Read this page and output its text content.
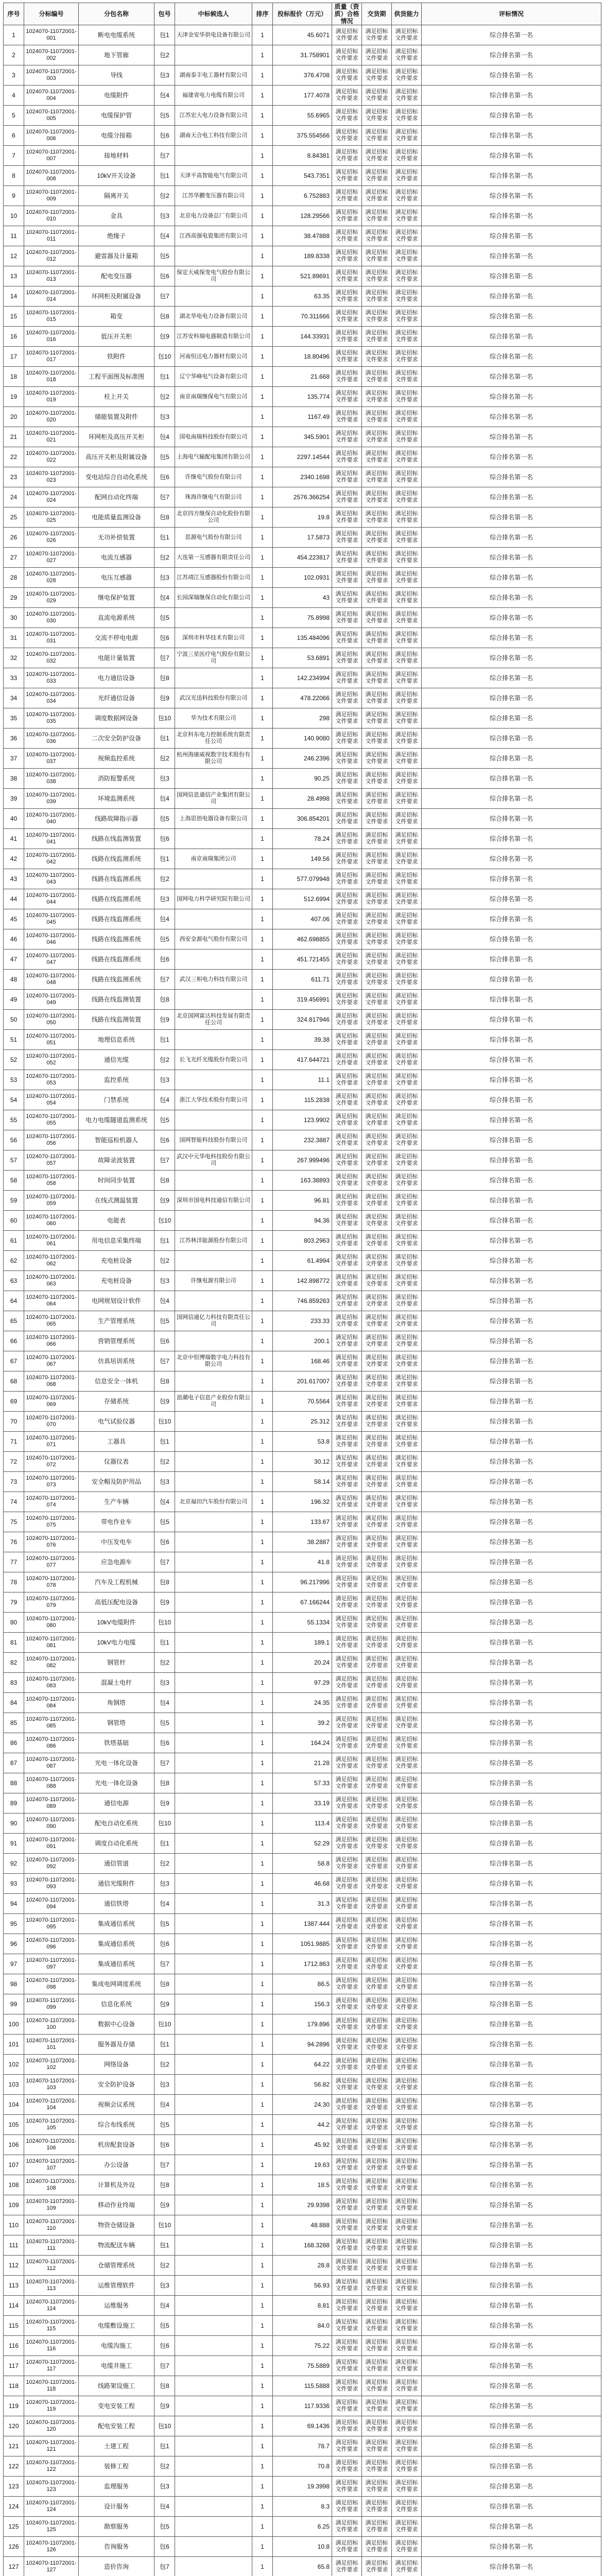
序号	分标编号	分包名称	包号	中标候选人	排序	投标报价（万元）	质量（资质）合格情况	交货期	供货能力	评标情况
1	1024070-11072001-001	断电电缆系统	包1	天津金安华供电设备有限公司	1	45.6071	满足招标文件要求	满足招标文件要求	满足招标文件要求	综合排名第一名
2	1024070-11072001-002	地下管廊	包2		1	31.758901	满足招标文件要求	满足招标文件要求	满足招标文件要求	综合排名第一名
3	1024070-11072001-003	导线	包3	湖南泰丰电工器材有限公司	1	376.4708	满足招标文件要求	满足招标文件要求	满足招标文件要求	综合排名第一名
4	1024070-11072001-004	电缆附件	包4	福建省电力电缆有限公司	1	177.4078	满足招标文件要求	满足招标文件要求	满足招标文件要求	综合排名第一名
5	1024070-11072001-005	电缆保护管	包5	江苏宏大电力设备有限公司	1	55.6965	满足招标文件要求	满足招标文件要求	满足招标文件要求	综合排名第一名
6	1024070-11072001-006	电缆分接箱	包6	湖南天合电工科技有限公司	1	375.554566	满足招标文件要求	满足招标文件要求	满足招标文件要求	综合排名第一名
7	1024070-11072001-007	接地材料	包7		1	8.84381	满足招标文件要求	满足招标文件要求	满足招标文件要求	综合排名第一名
8	1024070-11072001-008	10kV开关设备	包1	天津平高智能电气有限公司	1	543.7351	满足招标文件要求	满足招标文件要求	满足招标文件要求	综合排名第一名
9	1024070-11072001-009	隔离开关	包2	江苏华鹏变压器有限公司	1	6.752883	满足招标文件要求	满足招标文件要求	满足招标文件要求	综合排名第一名
10	1024070-11072001-010	金具	包3	北京电力设备总厂有限公司	1	128.29566	满足招标文件要求	满足招标文件要求	满足招标文件要求	综合排名第一名
11	1024070-11072001-011	绝缘子	包4	江西高强电瓷集团有限公司	1	38.47888	满足招标文件要求	满足招标文件要求	满足招标文件要求	综合排名第一名
12	1024070-11072001-012	避雷器及计量箱	包5		1	189.8338	满足招标文件要求	满足招标文件要求	满足招标文件要求	综合排名第一名
13	1024070-11072001-013	配电变压器	包6	保定天威保变电气股份有限公司	1	521.89691	满足招标文件要求	满足招标文件要求	满足招标文件要求	综合排名第一名
14	1024070-11072001-014	环网柜及附属设备	包7		1	63.35	满足招标文件要求	满足招标文件要求	满足招标文件要求	综合排名第一名
15	1024070-11072001-015	箱变	包8	湖北华电电力设备有限公司	1	70.311666	满足招标文件要求	满足招标文件要求	满足招标文件要求	综合排名第一名
16	1024070-11072001-016	低压开关柜	包9	江苏安科瑞电器制造有限公司	1	144.33931	满足招标文件要求	满足招标文件要求	满足招标文件要求	综合排名第一名
17	1024070-11072001-017	铁附件	包10	河南恒达电力器材有限公司	1	18.80496	满足招标文件要求	满足招标文件要求	满足招标文件要求	综合排名第一名
18	1024070-11072001-018	工程平面图及标准图	包1	辽宁华峰电气设备有限公司	1	21.668	满足招标文件要求	满足招标文件要求	满足招标文件要求	综合排名第一名
19	1024070-11072001-019	柱上开关	包2	南京南瑞继保电气有限公司	1	135.774	满足招标文件要求	满足招标文件要求	满足招标文件要求	综合排名第一名
20	1024070-11072001-020	储能装置及附件	包3		1	1167.49	满足招标文件要求	满足招标文件要求	满足招标文件要求	综合排名第一名
21	1024070-11072001-021	环网柜及高压开关柜	包4	国电南瑞科技股份有限公司	1	345.5901	满足招标文件要求	满足招标文件要求	满足招标文件要求	综合排名第一名
22	1024070-11072001-022	高压开关柜及附属设备	包5	上海电气输配电集团有限公司	1	2297.14544	满足招标文件要求	满足招标文件要求	满足招标文件要求	综合排名第一名
23	1024070-11072001-023	变电站综合自动化系统	包6	许继电气股份有限公司	1	2340.1698	满足招标文件要求	满足招标文件要求	满足招标文件要求	综合排名第一名
24	1024070-11072001-024	配网自动化终端	包7	珠海许继电气有限公司	1	2576.366254	满足招标文件要求	满足招标文件要求	满足招标文件要求	综合排名第一名
25	1024070-11072001-025	电能质量监测设备	包8	北京四方继保自动化股份有限公司	1	19.8	满足招标文件要求	满足招标文件要求	满足招标文件要求	综合排名第一名
26	1024070-11072001-026	无功补偿装置	包1	思源电气股份有限公司	1	17.5873	满足招标文件要求	满足招标文件要求	满足招标文件要求	综合排名第一名
27	1024070-11072001-027	电流互感器	包2	大连第一互感器有限责任公司	1	454.223817	满足招标文件要求	满足招标文件要求	满足招标文件要求	综合排名第一名
28	1024070-11072001-028	电压互感器	包3	江苏靖江互感器股份有限公司	1	102.0931	满足招标文件要求	满足招标文件要求	满足招标文件要求	综合排名第一名
29	1024070-11072001-029	继电保护装置	包4	长园深瑞继保自动化有限公司	1	43	满足招标文件要求	满足招标文件要求	满足招标文件要求	综合排名第一名
30	1024070-11072001-030	直流电源系统	包5		1	75.8998	满足招标文件要求	满足招标文件要求	满足招标文件要求	综合排名第一名
31	1024070-11072001-031	交流不停电电源	包6	深圳市科华技术有限公司	1	135.484096	满足招标文件要求	满足招标文件要求	满足招标文件要求	综合排名第一名
32	1024070-11072001-032	电能计量装置	包7	宁波三星医疗电气股份有限公司	1	53.6891	满足招标文件要求	满足招标文件要求	满足招标文件要求	综合排名第一名
33	1024070-11072001-033	电力通信设备	包8		1	142.234994	满足招标文件要求	满足招标文件要求	满足招标文件要求	综合排名第一名
34	1024070-11072001-034	光纤通信设备	包9	武汉光迅科技股份有限公司	1	478.22066	满足招标文件要求	满足招标文件要求	满足招标文件要求	综合排名第一名
35	1024070-11072001-035	调度数据网设备	包10	华为技术有限公司	1	298	满足招标文件要求	满足招标文件要求	满足招标文件要求	综合排名第一名
36	1024070-11072001-036	二次安全防护设备	包1	北京科东电力控制系统有限责任公司	1	140.9080	满足招标文件要求	满足招标文件要求	满足招标文件要求	综合排名第一名
37	1024070-11072001-037	视频监控系统	包2	杭州海康威视数字技术股份有限公司	1	246.2396	满足招标文件要求	满足招标文件要求	满足招标文件要求	综合排名第一名
38	1024070-11072001-038	消防报警系统	包3		1	90.25	满足招标文件要求	满足招标文件要求	满足招标文件要求	综合排名第一名
39	1024070-11072001-039	环境监测系统	包4	国网信息通信产业集团有限公司	1	28.4998	满足招标文件要求	满足招标文件要求	满足招标文件要求	综合排名第一名
40	1024070-11072001-040	线路故障指示器	包5	上海思创电器设备有限公司	1	306.854201	满足招标文件要求	满足招标文件要求	满足招标文件要求	综合排名第一名
41	1024070-11072001-041	线路在线监测装置	包6		1	78.24	满足招标文件要求	满足招标文件要求	满足招标文件要求	综合排名第一名
42	1024070-11072001-042	线路在线监测系统	包1	南京南瑞集团公司	1	149.56	满足招标文件要求	满足招标文件要求	满足招标文件要求	综合排名第一名
43	1024070-11072001-043	线路在线监测系统	包2		1	577.079948	满足招标文件要求	满足招标文件要求	满足招标文件要求	综合排名第一名
44	1024070-11072001-044	线路在线监测系统	包3	国网电力科学研究院有限公司	1	512.6994	满足招标文件要求	满足招标文件要求	满足招标文件要求	综合排名第一名
45	1024070-11072001-045	线路在线监测系统	包4		1	407.06	满足招标文件要求	满足招标文件要求	满足招标文件要求	综合排名第一名
46	1024070-11072001-046	线路在线监测系统	包5	西安金源电气股份有限公司	1	462.698855	满足招标文件要求	满足招标文件要求	满足招标文件要求	综合排名第一名
47	1024070-11072001-047	线路在线监测系统	包6		1	451.721455	满足招标文件要求	满足招标文件要求	满足招标文件要求	综合排名第一名
48	1024070-11072001-048	线路在线监测系统	包7	武汉三相电力科技有限公司	1	611.71	满足招标文件要求	满足招标文件要求	满足招标文件要求	综合排名第一名
49	1024070-11072001-049	线路在线监测装置	包8		1	319.456991	满足招标文件要求	满足招标文件要求	满足招标文件要求	综合排名第一名
50	1024070-11072001-050	线路在线监测装置	包9	北京国网富达科技发展有限责任公司	1	324.817946	满足招标文件要求	满足招标文件要求	满足招标文件要求	综合排名第一名
51	1024070-11072001-051	地理信息系统	包1		1	39.38	满足招标文件要求	满足招标文件要求	满足招标文件要求	综合排名第一名
52	1024070-11072001-052	通信光缆	包2	长飞光纤光缆股份有限公司	1	417.644721	满足招标文件要求	满足招标文件要求	满足招标文件要求	综合排名第一名
53	1024070-11072001-053	监控系统	包3		1	11.1	满足招标文件要求	满足招标文件要求	满足招标文件要求	综合排名第一名
54	1024070-11072001-054	门禁系统	包4	浙江大华技术股份有限公司	1	115.2838	满足招标文件要求	满足招标文件要求	满足招标文件要求	综合排名第一名
55	1024070-11072001-055	电力电缆隧道监测系统	包5		1	123.9902	满足招标文件要求	满足招标文件要求	满足招标文件要求	综合排名第一名
56	1024070-11072001-056	智能巡检机器人	包6	国网智能科技股份有限公司	1	232.3887	满足招标文件要求	满足招标文件要求	满足招标文件要求	综合排名第一名
57	1024070-11072001-057	故障录波装置	包7	武汉中元华电科技股份有限公司	1	267.999496	满足招标文件要求	满足招标文件要求	满足招标文件要求	综合排名第一名
58	1024070-11072001-058	时间同步装置	包8		1	163.38893	满足招标文件要求	满足招标文件要求	满足招标文件要求	综合排名第一名
59	1024070-11072001-059	在线式测温装置	包9	深圳市国电科技通信有限公司	1	96.81	满足招标文件要求	满足招标文件要求	满足招标文件要求	综合排名第一名
60	1024070-11072001-060	电能表	包10		1	94.36	满足招标文件要求	满足招标文件要求	满足招标文件要求	综合排名第一名
61	1024070-11072001-061	用电信息采集终端	包1	江苏林洋能源股份有限公司	1	803.2963	满足招标文件要求	满足招标文件要求	满足招标文件要求	综合排名第一名
62	1024070-11072001-062	充电桩设备	包2		1	61.4994	满足招标文件要求	满足招标文件要求	满足招标文件要求	综合排名第一名
63	1024070-11072001-063	充电桩设备	包3	许继电源有限公司	1	142.898772	满足招标文件要求	满足招标文件要求	满足招标文件要求	综合排名第一名
64	1024070-11072001-064	电网规划设计软件	包4		1	746.859263	满足招标文件要求	满足招标文件要求	满足招标文件要求	综合排名第一名
65	1024070-11072001-065	生产管理系统	包5	国网信通亿力科技有限责任公司	1	233.33	满足招标文件要求	满足招标文件要求	满足招标文件要求	综合排名第一名
66	1024070-11072001-066	营销管理系统	包6		1	200.1	满足招标文件要求	满足招标文件要求	满足招标文件要求	综合排名第一名
67	1024070-11072001-067	仿真培训系统	包7	北京中恒博瑞数字电力科技有限公司	1	168.46	满足招标文件要求	满足招标文件要求	满足招标文件要求	综合排名第一名
68	1024070-11072001-068	信息安全一体机	包8		1	201.617007	满足招标文件要求	满足招标文件要求	满足招标文件要求	综合排名第一名
69	1024070-11072001-069	存储系统	包9	浪潮电子信息产业股份有限公司	1	70.5564	满足招标文件要求	满足招标文件要求	满足招标文件要求	综合排名第一名
70	1024070-11072001-070	电气试验仪器	包10		1	25.312	满足招标文件要求	满足招标文件要求	满足招标文件要求	综合排名第一名
71	1024070-11072001-071	工器具	包1		1	53.8	满足招标文件要求	满足招标文件要求	满足招标文件要求	综合排名第一名
72	1024070-11072001-072	仪器仪表	包2		1	30.12	满足招标文件要求	满足招标文件要求	满足招标文件要求	综合排名第一名
73	1024070-11072001-073	安全帽及防护用品	包3		1	58.14	满足招标文件要求	满足招标文件要求	满足招标文件要求	综合排名第一名
74	1024070-11072001-074	生产车辆	包4	北京福田汽车股份有限公司	1	196.32	满足招标文件要求	满足招标文件要求	满足招标文件要求	综合排名第一名
75	1024070-11072001-075	带电作业车	包5		1	133.67	满足招标文件要求	满足招标文件要求	满足招标文件要求	综合排名第一名
76	1024070-11072001-076	中压发电车	包6		1	38.2887	满足招标文件要求	满足招标文件要求	满足招标文件要求	综合排名第一名
77	1024070-11072001-077	应急电源车	包7		1	41.8	满足招标文件要求	满足招标文件要求	满足招标文件要求	综合排名第一名
78	1024070-11072001-078	汽车及工程机械	包8		1	96.217996	满足招标文件要求	满足招标文件要求	满足招标文件要求	综合排名第一名
79	1024070-11072001-079	高低压配电设备	包9		1	67.166244	满足招标文件要求	满足招标文件要求	满足招标文件要求	综合排名第一名
80	1024070-11072001-080	10kV电缆附件	包10		1	55.1334	满足招标文件要求	满足招标文件要求	满足招标文件要求	综合排名第一名
81	1024070-11072001-081	10kV电力电缆	包1		1	189.1	满足招标文件要求	满足招标文件要求	满足招标文件要求	综合排名第一名
82	1024070-11072001-082	钢管杆	包2		1	20.24	满足招标文件要求	满足招标文件要求	满足招标文件要求	综合排名第一名
83	1024070-11072001-083	混凝土电杆	包3		1	97.29	满足招标文件要求	满足招标文件要求	满足招标文件要求	综合排名第一名
84	1024070-11072001-084	角钢塔	包4		1	24.35	满足招标文件要求	满足招标文件要求	满足招标文件要求	综合排名第一名
85	1024070-11072001-085	钢管塔	包5		1	39.2	满足招标文件要求	满足招标文件要求	满足招标文件要求	综合排名第一名
86	1024070-11072001-086	铁塔基础	包6		1	164.24	满足招标文件要求	满足招标文件要求	满足招标文件要求	综合排名第一名
87	1024070-11072001-087	光电一体化设备	包7		1	21.28	满足招标文件要求	满足招标文件要求	满足招标文件要求	综合排名第一名
88	1024070-11072001-088	光电一体化设备	包8		1	57.33	满足招标文件要求	满足招标文件要求	满足招标文件要求	综合排名第一名
89	1024070-11072001-089	通信电源	包9		1	33.19	满足招标文件要求	满足招标文件要求	满足招标文件要求	综合排名第一名
90	1024070-11072001-090	配电自动化系统	包10		1	113.4	满足招标文件要求	满足招标文件要求	满足招标文件要求	综合排名第一名
91	1024070-11072001-091	调度自动化系统	包1		1	52.29	满足招标文件要求	满足招标文件要求	满足招标文件要求	综合排名第一名
92	1024070-11072001-092	通信管道	包2		1	58.8	满足招标文件要求	满足招标文件要求	满足招标文件要求	综合排名第一名
93	1024070-11072001-093	通信光缆附件	包3		1	46.68	满足招标文件要求	满足招标文件要求	满足招标文件要求	综合排名第一名
94	1024070-11072001-094	通信铁塔	包4		1	31.3	满足招标文件要求	满足招标文件要求	满足招标文件要求	综合排名第一名
95	1024070-11072001-095	集成通信系统	包5		1	1387.444	满足招标文件要求	满足招标文件要求	满足招标文件要求	综合排名第一名
96	1024070-11072001-096	集成通信系统	包6		1	1051.9885	满足招标文件要求	满足招标文件要求	满足招标文件要求	综合排名第一名
97	1024070-11072001-097	集成通信系统	包7		1	1712.863	满足招标文件要求	满足招标文件要求	满足招标文件要求	综合排名第一名
98	1024070-11072001-098	集成电网调度系统	包8		1	86.5	满足招标文件要求	满足招标文件要求	满足招标文件要求	综合排名第一名
99	1024070-11072001-099	信息化系统	包9		1	156.3	满足招标文件要求	满足招标文件要求	满足招标文件要求	综合排名第一名
100	1024070-11072001-100	数据中心设备	包10		1	179.896	满足招标文件要求	满足招标文件要求	满足招标文件要求	综合排名第一名
101	1024070-11072001-101	服务器及存储	包1		1	94.2896	满足招标文件要求	满足招标文件要求	满足招标文件要求	综合排名第一名
102	1024070-11072001-102	网络设备	包2		1	64.22	满足招标文件要求	满足招标文件要求	满足招标文件要求	综合排名第一名
103	1024070-11072001-103	安全防护设备	包3		1	56.82	满足招标文件要求	满足招标文件要求	满足招标文件要求	综合排名第一名
104	1024070-11072001-104	视频会议系统	包4		1	24.30	满足招标文件要求	满足招标文件要求	满足招标文件要求	综合排名第一名
105	1024070-11072001-105	综合布线系统	包5		1	44.2	满足招标文件要求	满足招标文件要求	满足招标文件要求	综合排名第一名
106	1024070-11072001-106	机房配套设备	包6		1	45.92	满足招标文件要求	满足招标文件要求	满足招标文件要求	综合排名第一名
107	1024070-11072001-107	办公设备	包7		1	19.63	满足招标文件要求	满足招标文件要求	满足招标文件要求	综合排名第一名
108	1024070-11072001-108	计算机及外设	包8		1	18.5	满足招标文件要求	满足招标文件要求	满足招标文件要求	综合排名第一名
109	1024070-11072001-109	移动作业终端	包9		1	29.9398	满足招标文件要求	满足招标文件要求	满足招标文件要求	综合排名第一名
110	1024070-11072001-110	物资仓储设备	包10		1	48.888	满足招标文件要求	满足招标文件要求	满足招标文件要求	综合排名第一名
111	1024070-11072001-111	物流配送车辆	包1		1	168.3288	满足招标文件要求	满足招标文件要求	满足招标文件要求	综合排名第一名
112	1024070-11072001-112	仓储管理系统	包2		1	28.8	满足招标文件要求	满足招标文件要求	满足招标文件要求	综合排名第一名
113	1024070-11072001-113	运维管理软件	包3		1	56.93	满足招标文件要求	满足招标文件要求	满足招标文件要求	综合排名第一名
114	1024070-11072001-114	运维服务	包4		1	8.81	满足招标文件要求	满足招标文件要求	满足招标文件要求	综合排名第一名
115	1024070-11072001-115	电缆敷设施工	包5		1	84.0	满足招标文件要求	满足招标文件要求	满足招标文件要求	综合排名第一名
116	1024070-11072001-116	电缆沟施工	包6		1	75.22	满足招标文件要求	满足招标文件要求	满足招标文件要求	综合排名第一名
117	1024070-11072001-117	电缆井施工	包7		1	75.5889	满足招标文件要求	满足招标文件要求	满足招标文件要求	综合排名第一名
118	1024070-11072001-118	线路架设施工	包8		1	115.5888	满足招标文件要求	满足招标文件要求	满足招标文件要求	综合排名第一名
119	1024070-11072001-119	变电安装工程	包9		1	117.9336	满足招标文件要求	满足招标文件要求	满足招标文件要求	综合排名第一名
120	1024070-11072001-120	配电安装工程	包10		1	69.1436	满足招标文件要求	满足招标文件要求	满足招标文件要求	综合排名第一名
121	1024070-11072001-121	土建工程	包1		1	78.7	满足招标文件要求	满足招标文件要求	满足招标文件要求	综合排名第一名
122	1024070-11072001-122	装修工程	包2		1	70.8	满足招标文件要求	满足招标文件要求	满足招标文件要求	综合排名第一名
123	1024070-11072001-123	监理服务	包3		1	19.3998	满足招标文件要求	满足招标文件要求	满足招标文件要求	综合排名第一名
124	1024070-11072001-124	设计服务	包4		1	8.3	满足招标文件要求	满足招标文件要求	满足招标文件要求	综合排名第一名
125	1024070-11072001-125	勘察服务	包5		1	6.25	满足招标文件要求	满足招标文件要求	满足招标文件要求	综合排名第一名
126	1024070-11072001-126	咨询服务	包6		1	10.8	满足招标文件要求	满足招标文件要求	满足招标文件要求	综合排名第一名
127	1024070-11072001-127	造价咨询	包7		1	65.8	满足招标文件要求	满足招标文件要求	满足招标文件要求	综合排名第一名
